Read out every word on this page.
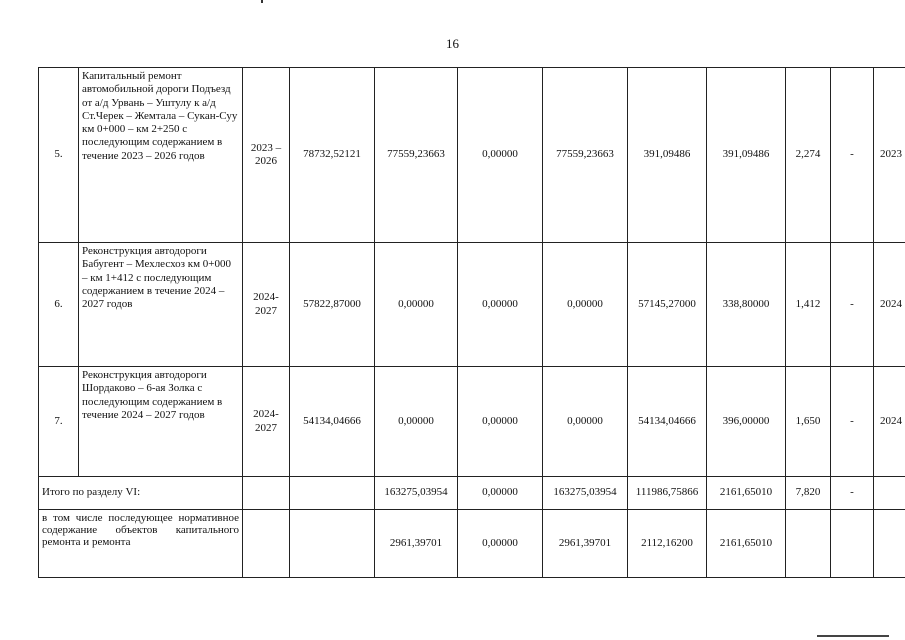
16
5.	Капитальный ремонт автомобильной дороги Подъезд от а/д Урвань – Уштулу к а/д Ст.Черек – Жемтала – Сукан-Суу км 0+000 – км 2+250 с последующим содержанием в течение 2023 – 2026 годов	2023 – 2026	78732,52121	77559,23663	0,00000	77559,23663	391,09486	391,09486	2,274	-	2023
6.	Реконструкция автодороги Бабугент – Мехлесхоз км 0+000 – км 1+412 с последующим содержанием в течение 2024 – 2027 годов	2024-2027	57822,87000	0,00000	0,00000	0,00000	57145,27000	338,80000	1,412	-	2024
7.	Реконструкция автодороги Шордаково – 6-ая Золка с последующим содержанием в течение 2024 – 2027 годов	2024-2027	54134,04666	0,00000	0,00000	0,00000	54134,04666	396,00000	1,650	-	2024
Итого по разделу VI:				163275,03954	0,00000	163275,03954	111986,75866	2161,65010	7,820	-	
в том числе последующее нормативное содержание объектов капитального ремонта и ремонта				2961,39701	0,00000	2961,39701	2112,16200	2161,65010			
